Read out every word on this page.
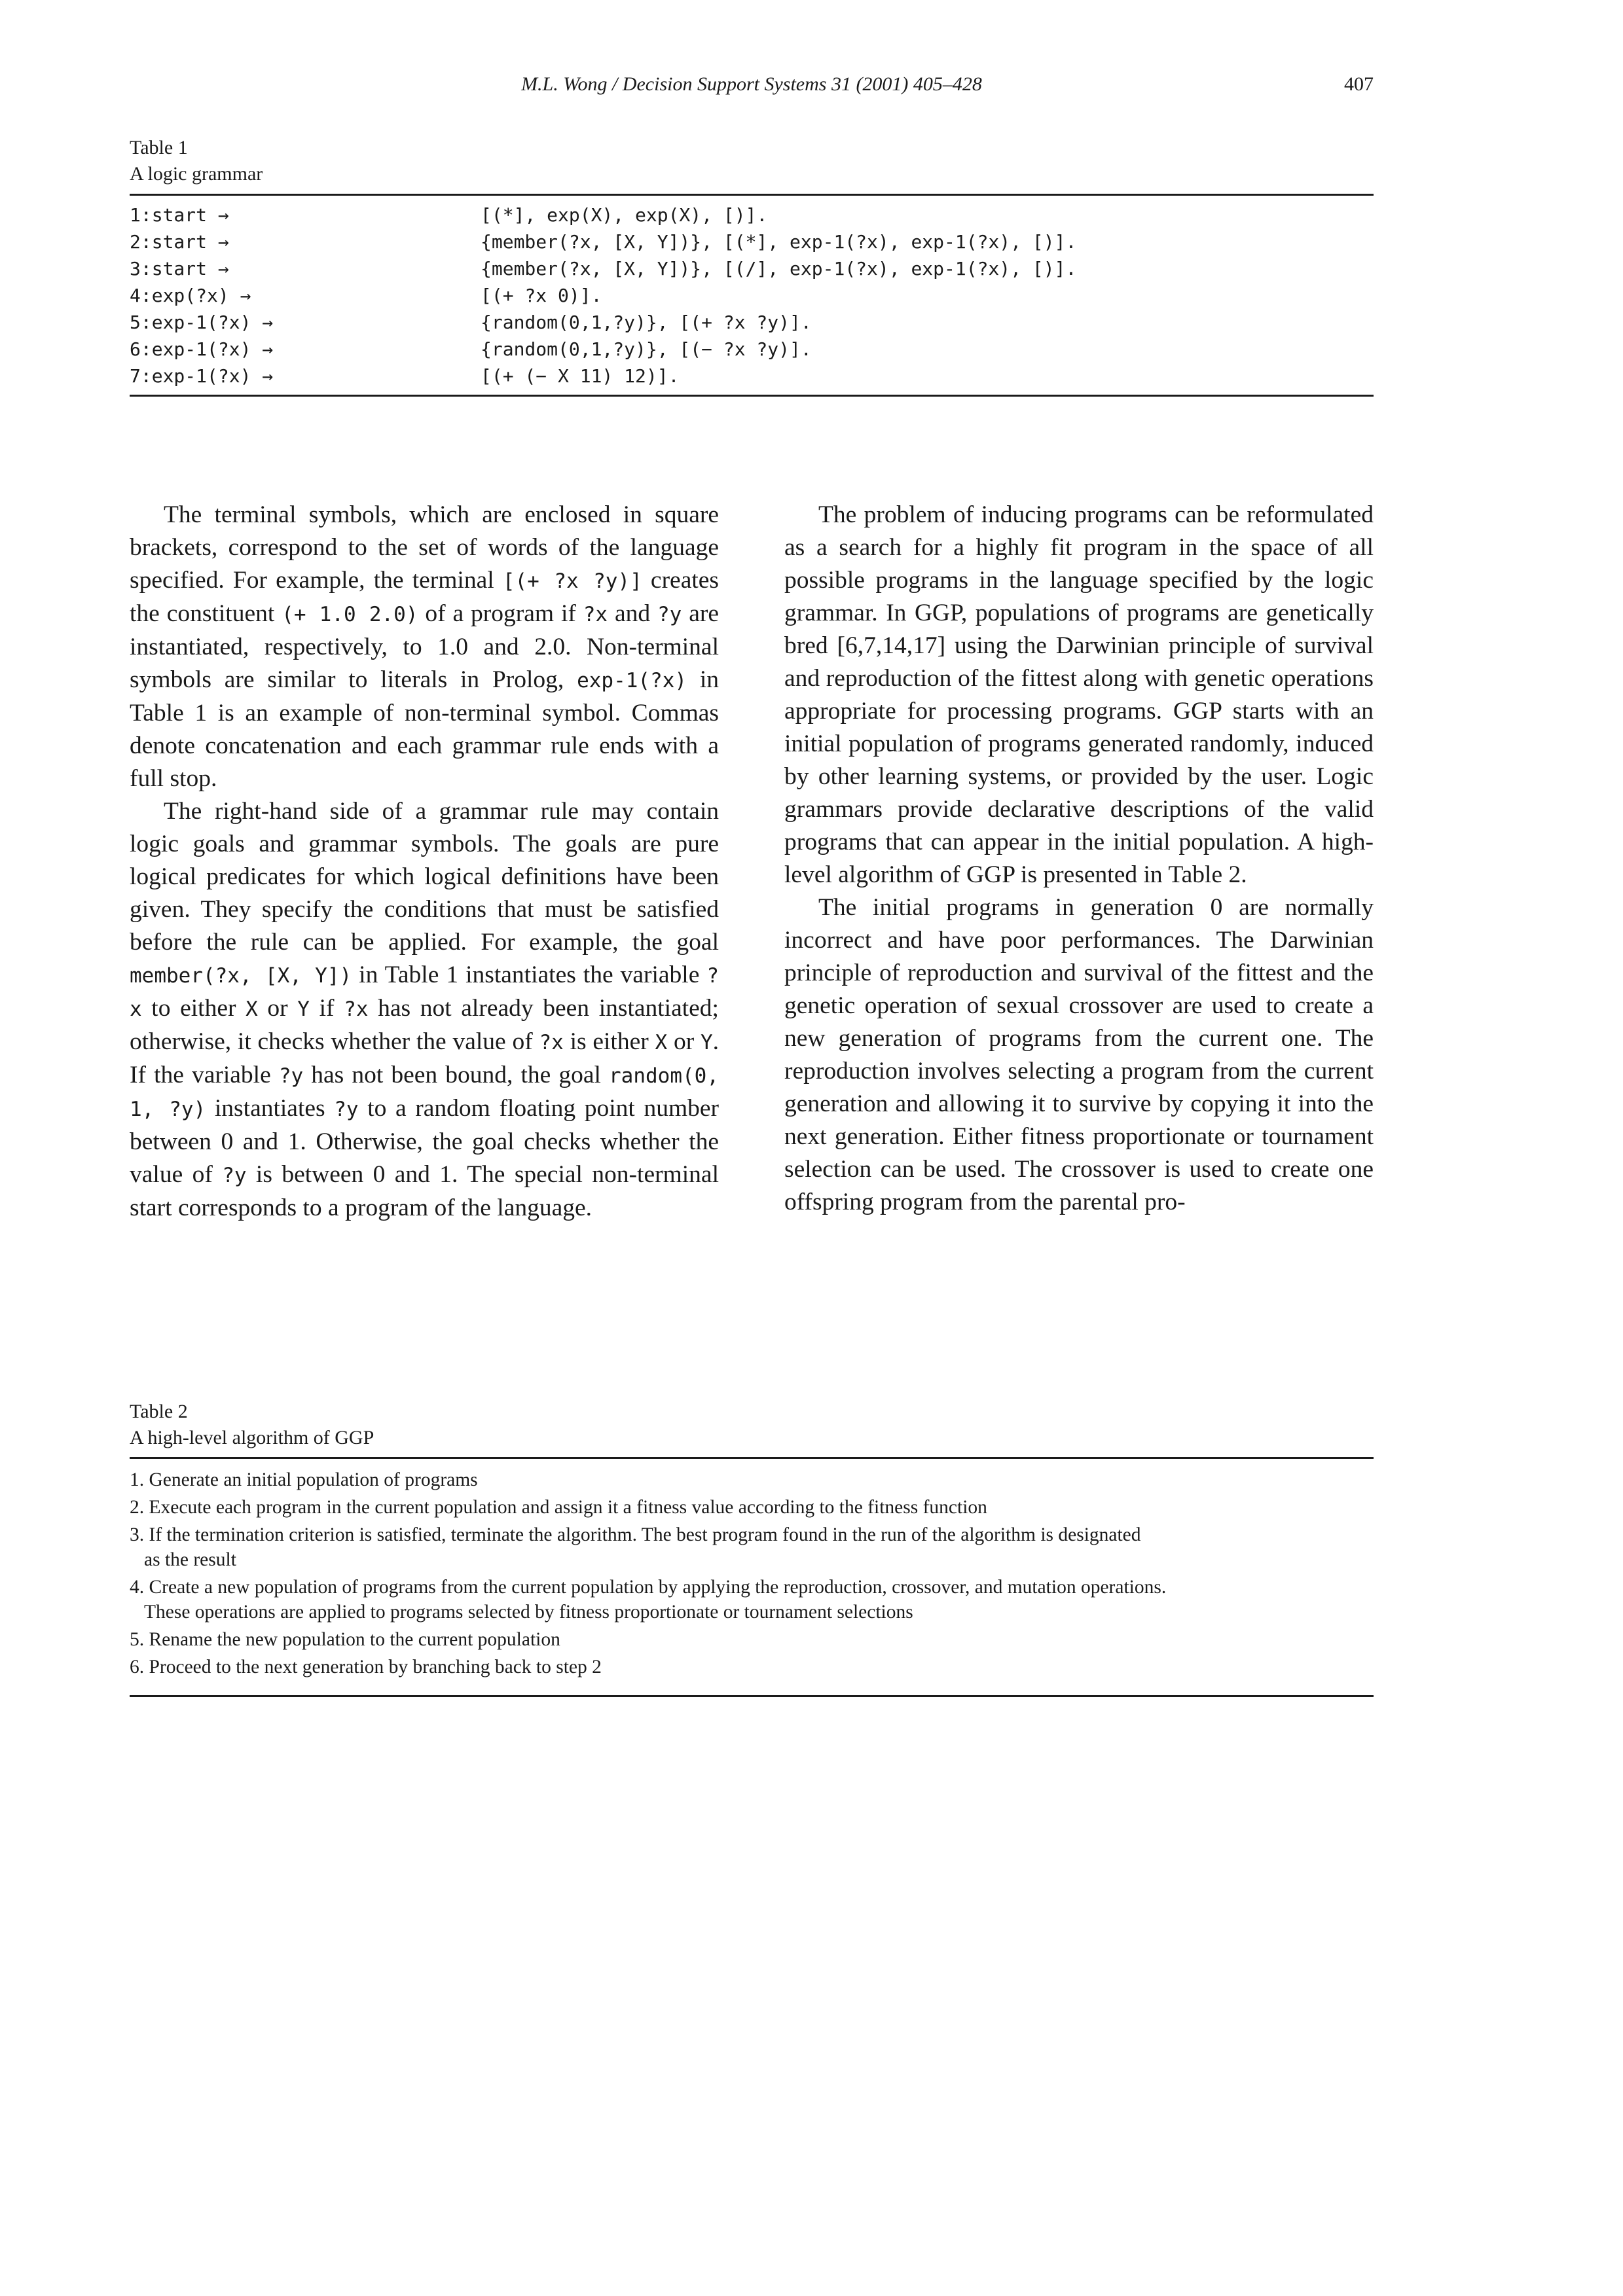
M.L. Wong / Decision Support Systems 31 (2001) 405–428	407
Table 1
A logic grammar
1:start →	[(*], exp(X), exp(X), [)].
2:start →	{member(?x, [X, Y])}, [(*], exp-1(?x), exp-1(?x), [)].
3:start →	{member(?x, [X, Y])}, [(/], exp-1(?x), exp-1(?x), [)].
4:exp(?x) →	[(+ ?x 0)].
5:exp-1(?x) →	{random(0,1,?y)}, [(+ ?x ?y)].
6:exp-1(?x) →	{random(0,1,?y)}, [(− ?x ?y)].
7:exp-1(?x) →	[(+ (− X 11) 12)].

The terminal symbols, which are enclosed in square brackets, correspond to the set of words of the language specified. For example, the terminal [(+ ?x ?y)] creates the constituent (+ 1.0 2.0) of a program if ?x and ?y are instantiated, respectively, to 1.0 and 2.0. Non-terminal symbols are similar to literals in Prolog, exp-1(?x) in Table 1 is an example of non-terminal symbol. Commas denote concatenation and each grammar rule ends with a full stop.

The right-hand side of a grammar rule may contain logic goals and grammar symbols. The goals are pure logical predicates for which logical definitions have been given. They specify the conditions that must be satisfied before the rule can be applied. For example, the goal member(?x, [X, Y]) in Table 1 instantiates the variable ?x to either X or Y if ?x has not already been instantiated; otherwise, it checks whether the value of ?x is either X or Y. If the variable ?y has not been bound, the goal random(0, 1, ?y) instantiates ?y to a random floating point number between 0 and 1. Otherwise, the goal checks whether the value of ?y is between 0 and 1. The special non-terminal start corresponds to a program of the language.

The problem of inducing programs can be reformulated as a search for a highly fit program in the space of all possible programs in the language specified by the logic grammar. In GGP, populations of programs are genetically bred [6,7,14,17] using the Darwinian principle of survival and reproduction of the fittest along with genetic operations appropriate for processing programs. GGP starts with an initial population of programs generated randomly, induced by other learning systems, or provided by the user. Logic grammars provide declarative descriptions of the valid programs that can appear in the initial population. A high-level algorithm of GGP is presented in Table 2.

The initial programs in generation 0 are normally incorrect and have poor performances. The Darwinian principle of reproduction and survival of the fittest and the genetic operation of sexual crossover are used to create a new generation of programs from the current one. The reproduction involves selecting a program from the current generation and allowing it to survive by copying it into the next generation. Either fitness proportionate or tournament selection can be used. The crossover is used to create one offspring program from the parental pro-

Table 2
A high-level algorithm of GGP
1. Generate an initial population of programs
2. Execute each program in the current population and assign it a fitness value according to the fitness function
3. If the termination criterion is satisfied, terminate the algorithm. The best program found in the run of the algorithm is designated
as the result
4. Create a new population of programs from the current population by applying the reproduction, crossover, and mutation operations.
These operations are applied to programs selected by fitness proportionate or tournament selections
5. Rename the new population to the current population
6. Proceed to the next generation by branching back to step 2
